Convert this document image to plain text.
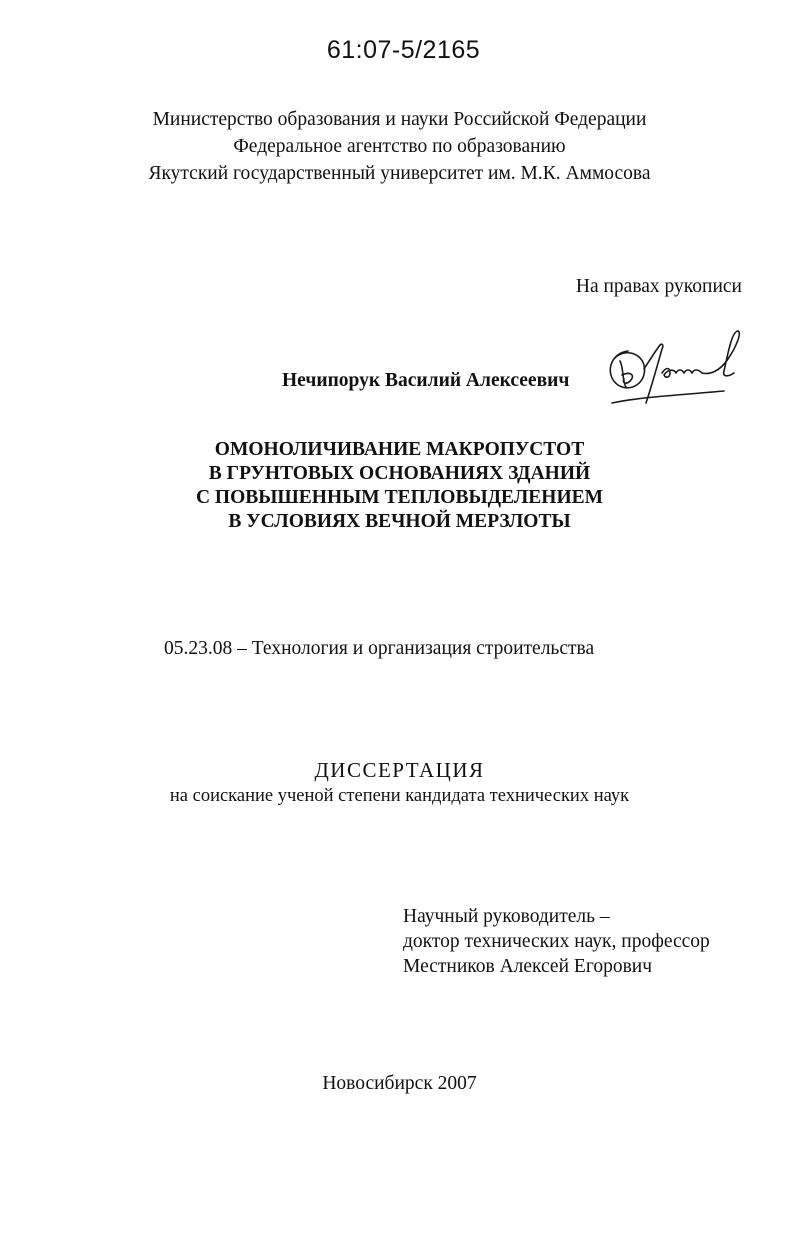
61:07-5/2165
Министерство образования и науки Российской Федерации
Федеральное агентство по образованию
Якутский государственный университет им. М.К. Аммосова
На правах рукописи
Нечипорук Василий Алексеевич
ОМОНОЛИЧИВАНИЕ МАКРОПУСТОТ
В ГРУНТОВЫХ ОСНОВАНИЯХ ЗДАНИЙ
С ПОВЫШЕННЫМ ТЕПЛОВЫДЕЛЕНИЕМ
В УСЛОВИЯХ ВЕЧНОЙ МЕРЗЛОТЫ
05.23.08 – Технология и организация строительства
ДИССЕРТАЦИЯ
на соискание ученой степени кандидата технических наук
Научный руководитель –
доктор технических наук, профессор
Местников Алексей Егорович
Новосибирск 2007
